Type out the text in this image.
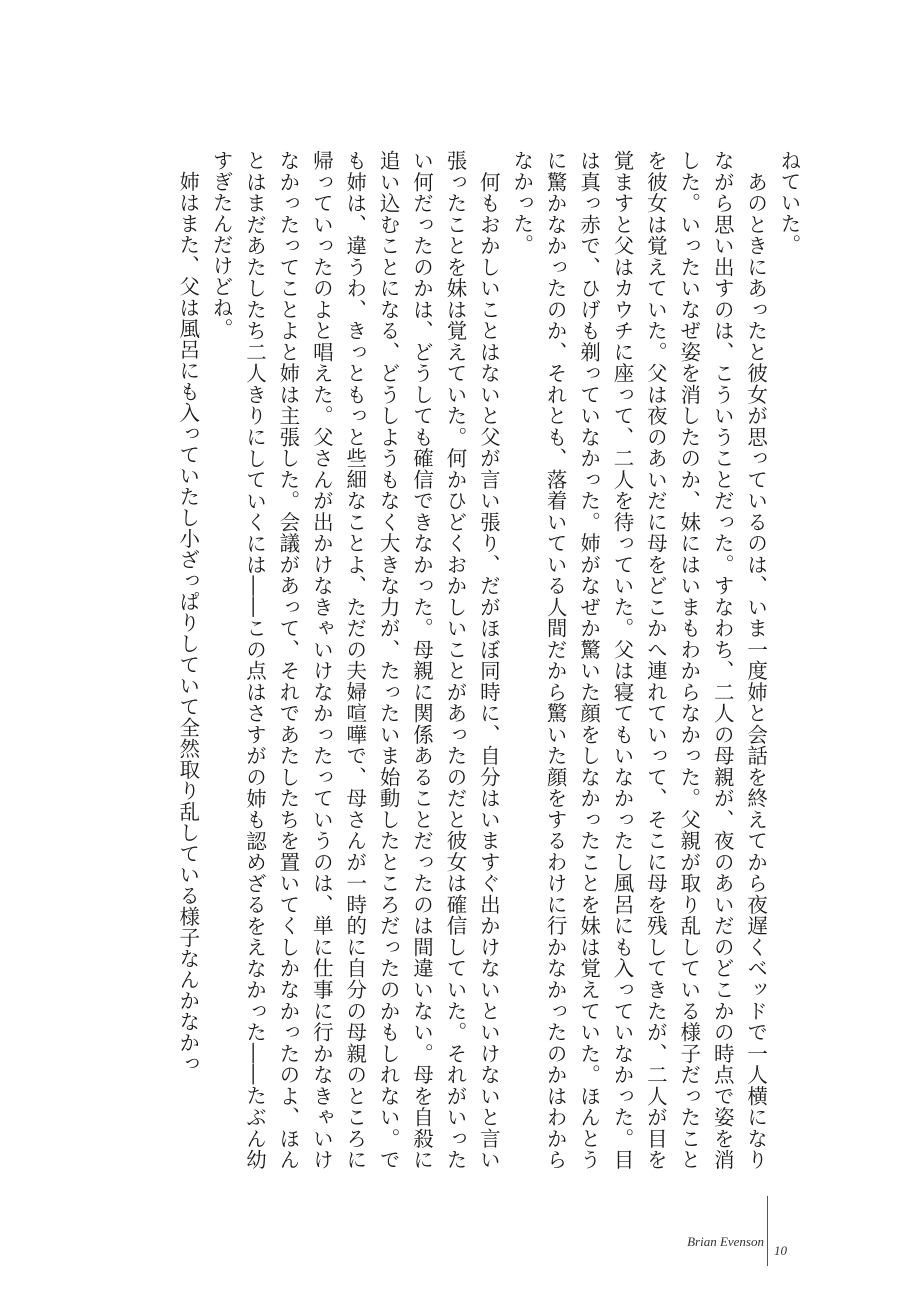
ねていた。

　あのときにあったと彼女が思っているのは、いま一度姉と会話を終えてから夜遅くベッドで一人横になりながら思い出すのは、こういうことだった。すなわち、二人の母親が、夜のあいだのどこかの時点で姿を消した。いったいなぜ姿を消したのか、妹にはいまもわからなかった。父親が取り乱している様子だったことを彼女は覚えていた。父は夜のあいだに母をどこかへ連れていって、そこに母を残してきたが、二人が目を覚ますと父はカウチに座って、二人を待っていた。父は寝てもいなかったし風呂にも入っていなかった。目は真っ赤で、ひげも剃っていなかった。姉がなぜか驚いた顔をしなかったことを妹は覚えていた。ほんとうに驚かなかったのか、それとも、落着いている人間だから驚いた顔をするわけに行かなかったのかはわからなかった。

　何もおかしいことはないと父が言い張り、だがほぼ同時に、自分はいますぐ出かけないといけないと言い張ったことを妹は覚えていた。何かひどくおかしいことがあったのだと彼女は確信していた。それがいったい何だったのかは、どうしても確信できなかった。母親に関係あることだったのは間違いない。母を自殺に追い込むことになる、どうしようもなく大きな力が、たったいま始動したところだったのかもしれない。でも姉は、違うわ、きっともっと些細なことよ、ただの夫婦喧嘩で、母さんが一時的に自分の母親のところに帰っていったのよと唱えた。父さんが出かけなきゃいけなかったっていうのは、単に仕事に行かなきゃいけなかったってことよと姉は主張した。会議があって、それであたしたちを置いてくしかなかったのよ、ほんとはまだあたしたち二人きりにしていくには――この点はさすがの姉も認めざるをえなかった――たぶん幼すぎたんだけどね。

　姉はまた、父は風呂にも入っていたし小ざっぱりしていて全然取り乱している様子なんかなかっ

Brian Evenson
10
